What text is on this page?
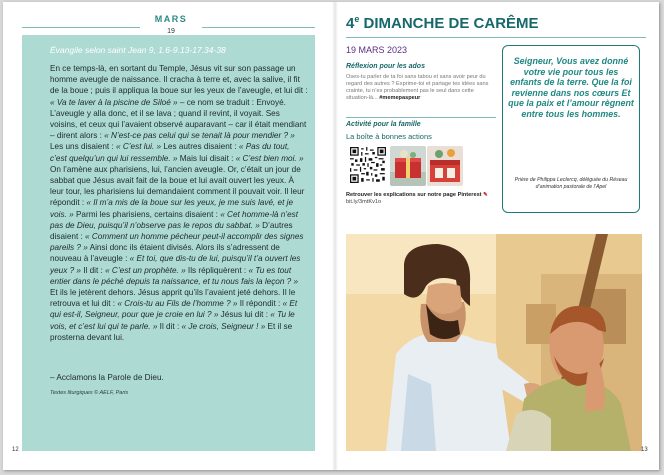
MARS
19
Évangile selon saint Jean 9, 1.6-9.13-17.34-38
En ce temps-là, en sortant du Temple, Jésus vit sur son passage un homme aveugle de naissance. Il cracha à terre et, avec la salive, il fit de la boue ; puis il appliqua la boue sur les yeux de l’aveugle, et lui dit : « Va te laver à la piscine de Siloé » – ce nom se traduit : Envoyé. L’aveugle y alla donc, et il se lava ; quand il revint, il voyait. Ses voisins, et ceux qui l’avaient observé auparavant – car il était mendiant – dirent alors : « N’est-ce pas celui qui se tenait là pour mendier ? » Les uns disaient : « C’est lui. » Les autres disaient : « Pas du tout, c’est quelqu’un qui lui ressemble. » Mais lui disait : « C’est bien moi. » On l’amène aux pharisiens, lui, l’ancien aveugle. Or, c’était un jour de sabbat que Jésus avait fait de la boue et lui avait ouvert les yeux. À leur tour, les pharisiens lui demandaient comment il pouvait voir. Il leur répondit : « Il m’a mis de la boue sur les yeux, je me suis lavé, et je vois. » Parmi les pharisiens, certains disaient : « Cet homme-là n’est pas de Dieu, puisqu’il n’observe pas le repos du sabbat. » D’autres disaient : « Comment un homme pécheur peut-il accomplir des signes pareils ? » Ainsi donc ils étaient divisés. Alors ils s’adressent de nouveau à l’aveugle : « Et toi, que dis-tu de lui, puisqu’il t’a ouvert les yeux ? » Il dit : « C’est un prophète. » Ils répliquèrent : « Tu es tout entier dans le péché depuis ta naissance, et tu nous fais la leçon ? » Et ils le jetèrent dehors. Jésus apprit qu’ils l’avaient jeté dehors. Il le retrouva et lui dit : « Crois-tu au Fils de l’homme ? » Il répondit : « Et qui est-il, Seigneur, pour que je croie en lui ? » Jésus lui dit : « Tu le vois, et c’est lui qui te parle. » Il dit : « Je crois, Seigneur ! » Et il se prosterna devant lui.
– Acclamons la Parole de Dieu.
Textes liturgiques © AELF, Paris
12
4e DIMANCHE DE CARÊME
19 MARS 2023
Réflexion pour les ados
Oses-tu parler de ta foi sans tabou et sans avoir peur du regard des autres ? Exprime-toi et partage tes idées sans crainte, tu n’es probablement pas le seul dans cette situation-là... #memepaspeur
Activité pour la famille
La boîte à bonnes actions
Retrouver les explications sur notre page Pinterest ✎ bit.ly/3mtKv1o
Seigneur, Vous avez donné votre vie pour tous les enfants de la terre. Que la foi revienne dans nos cœurs Et que la paix et l’amour règnent entre tous les hommes.
Prière de Philippa Leclercq, déléguée du Réseau d’animation pastorale de l’Apel
13
